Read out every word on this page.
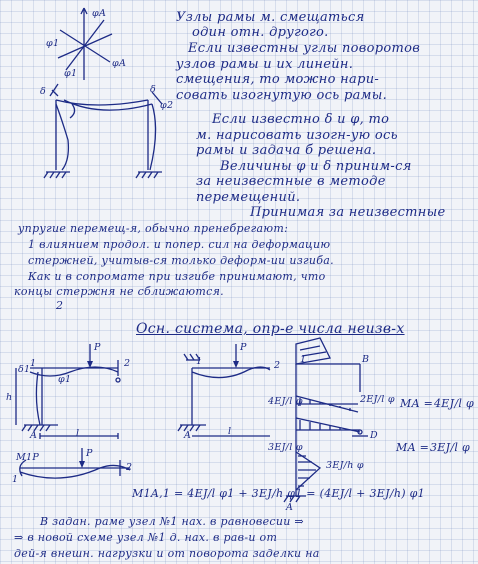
Узлы рамы м. смещаться
один отн. другого.
Если известны углы поворотов
узлов рамы и их линейн.
смещения, то можно нари-
совать изогнутую ось рамы.
φA
φ1
φA
φ1
δ	δ
φ2
Если известно δ и φ, то
м. нарисовать изогн-ую ось
рамы и задача б решена.
Величины φ и δ приним-ся
за неизвестные в методе
перемещений.
Принимая за неизвестные
упругие перемещ-я, обычно пренебрегают:
1 влиянием продол. и попер. сил на деформацию
стержней, учитыв-ся только деформ-ии изгиба.
Как и в сопромате при изгибе принимают, что
концы стержня не сближаются.
2
Осн. система, опр-е числа неизв-х
1	2
P
h
l
A
φ1
δ1
M1P	P
1
2
1	2
P
A	l
1	B
A
D
2EJ/l φ
4EJ/l φ
3EJ/l φ
3EJ/h φ
MA = 4EJ/l φ
MA = 3EJ/l φ
M1A,1 = 4EJ/l φ1 + 3EJ/h φ1 = (4EJ/l + 3EJ/h) φ1
В задан. раме узел №1 нах. в равновесии ⇒
⇒ в новой схеме узел №1 д. нах. в рав-и от
дей-я внешн. нагрузки и от поворота заделки на
